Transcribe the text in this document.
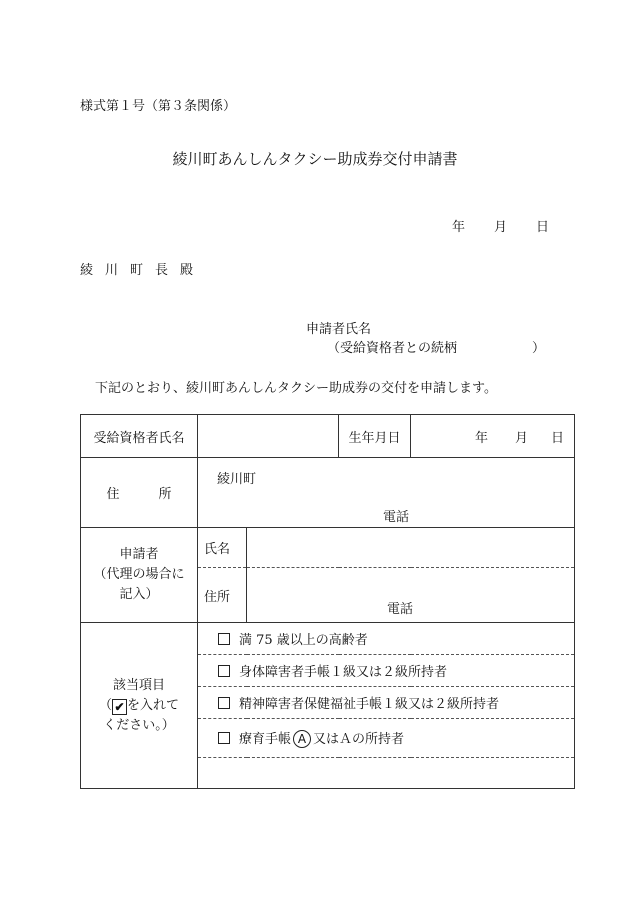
様式第１号（第３条関係）
綾川町あんしんタクシー助成券交付申請書
年 月 日
綾川町長殿
申請者氏名
（受給資格者との続柄	）
下記のとおり、綾川町あんしんタクシー助成券の交付を申請します。
受給資格者氏名			生年月日	年 月 日
住　　　所	綾川町
電話			

申請者
（代理の場合に
記入）	氏名			
	住所	電話		

該当項目
（ ✔ を入れて
ください。）	満 75 歳以上の高齢者			
	身体障害者手帳１級又は２級所持者			
	精神障害者保健福祉手帳１級又は２級所持者			
	療育手帳 A 又はＡの所持者			
